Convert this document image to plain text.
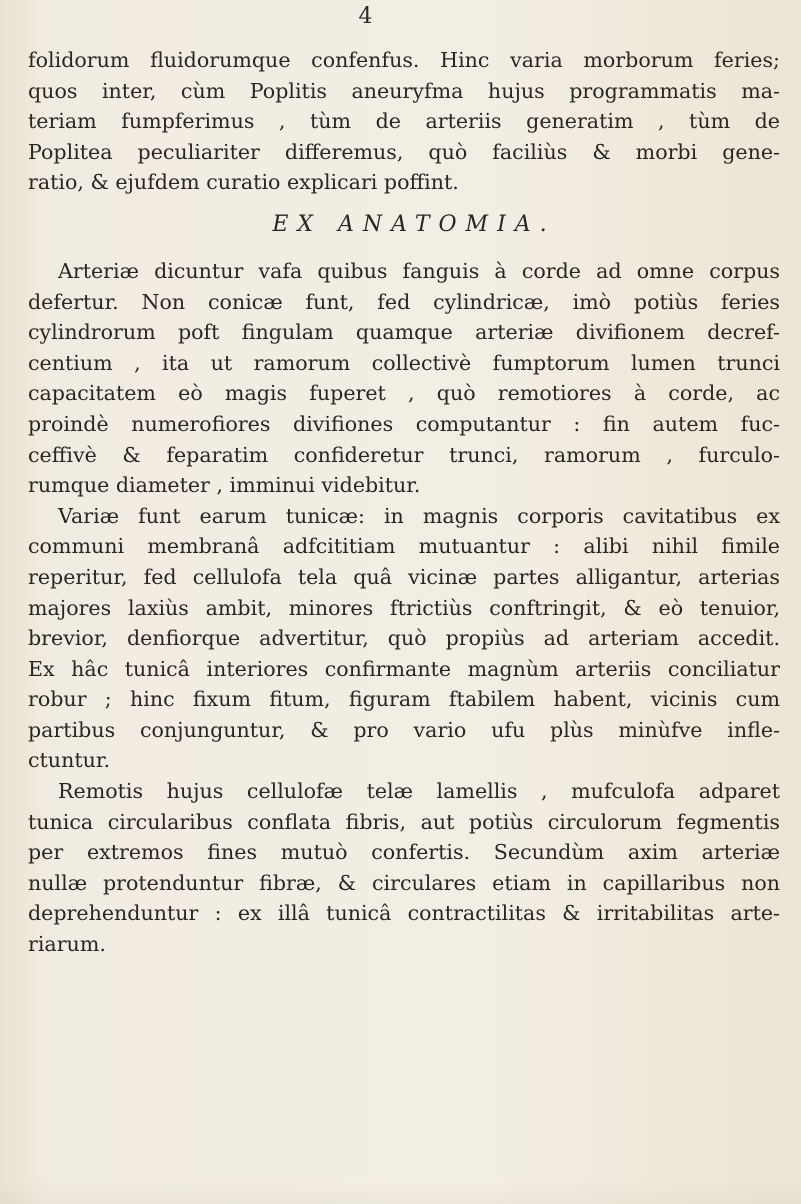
4
folidorum fluidorumque confenfus. Hinc varia morborum feries;
quos inter, cùm Poplitis aneuryfma hujus programmatis ma-
teriam fumpferimus , tùm de arteriis generatim , tùm de
Poplitea peculiariter differemus, quò faciliùs & morbi gene-
ratio, & ejufdem curatio explicari poffint.
EX ANATOMIA.
Arteriæ dicuntur vafa quibus fanguis à corde ad omne corpus
defertur. Non conicæ funt, fed cylindricæ, imò potiùs feries
cylindrorum poft fingulam quamque arteriæ divifionem decref-
centium , ita ut ramorum collectivè fumptorum lumen trunci
capacitatem eò magis fuperet , quò remotiores à corde, ac
proindè numerofiores divifiones computantur : fin autem fuc-
ceffivè & feparatim confideretur trunci, ramorum , furculo-
rumque diameter , imminui videbitur.
Variæ funt earum tunicæ: in magnis corporis cavitatibus ex
communi membranâ adfcititiam mutuantur : alibi nihil fimile
reperitur, fed cellulofa tela quâ vicinæ partes alligantur, arterias
majores laxiùs ambit, minores ftrictiùs conftringit, & eò tenuior,
brevior, denfiorque advertitur, quò propiùs ad arteriam accedit.
Ex hâc tunicâ interiores confirmante magnùm arteriis conciliatur
robur ; hinc fixum fitum, figuram ftabilem habent, vicinis cum
partibus conjunguntur, & pro vario ufu plùs minùfve infle-
ctuntur.
Remotis hujus cellulofæ telæ lamellis , mufculofa adparet
tunica circularibus conflata fibris, aut potiùs circulorum fegmentis
per extremos fines mutuò confertis. Secundùm axim arteriæ
nullæ protenduntur fibræ, & circulares etiam in capillaribus non
deprehenduntur : ex illâ tunicâ contractilitas & irritabilitas arte-
riarum.
